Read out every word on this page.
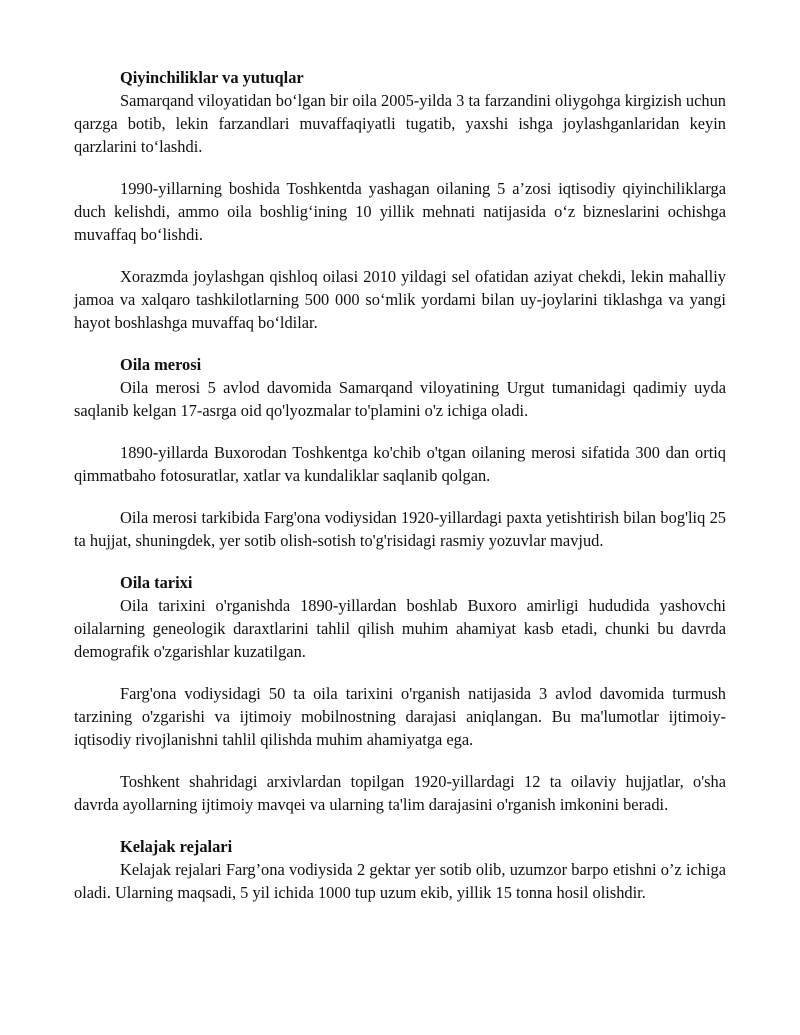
Qiyinchiliklar va yutuqlar

Samarqand viloyatidan boʻlgan bir oila 2005-yilda 3 ta farzandini oliygohga kirgizish uchun qarzga botib, lekin farzandlari muvaffaqiyatli tugatib, yaxshi ishga joylashganlaridan keyin qarzlarini toʻlashdi.

1990-yillarning boshida Toshkentda yashagan oilaning 5 a’zosi iqtisodiy qiyinchiliklarga duch kelishdi, ammo oila boshligʻining 10 yillik mehnati natijasida oʻz bizneslarini ochishga muvaffaq boʻlishdi.

Xorazmda joylashgan qishloq oilasi 2010 yildagi sel ofatidan aziyat chekdi, lekin mahalliy jamoa va xalqaro tashkilotlarning 500 000 soʻmlik yordami bilan uy-joylarini tiklashga va yangi hayot boshlashga muvaffaq boʻldilar.

Oila merosi

Oila merosi 5 avlod davomida Samarqand viloyatining Urgut tumanidagi qadimiy uyda saqlanib kelgan 17-asrga oid qo'lyozmalar to'plamini o'z ichiga oladi.

1890-yillarda Buxorodan Toshkentga ko'chib o'tgan oilaning merosi sifatida 300 dan ortiq qimmatbaho fotosuratlar, xatlar va kundaliklar saqlanib qolgan.

Oila merosi tarkibida Farg'ona vodiysidan 1920-yillardagi paxta yetishtirish bilan bog'liq 25 ta hujjat, shuningdek, yer sotib olish-sotish to'g'risidagi rasmiy yozuvlar mavjud.

Oila tarixi

Oila tarixini o'rganishda 1890-yillardan boshlab Buxoro amirligi hududida yashovchi oilalarning geneologik daraxtlarini tahlil qilish muhim ahamiyat kasb etadi, chunki bu davrda demografik o'zgarishlar kuzatilgan.

Farg'ona vodiysidagi 50 ta oila tarixini o'rganish natijasida 3 avlod davomida turmush tarzining o'zgarishi va ijtimoiy mobilnostning darajasi aniqlangan. Bu ma'lumotlar ijtimoiy-iqtisodiy rivojlanishni tahlil qilishda muhim ahamiyatga ega.

Toshkent shahridagi arxivlardan topilgan 1920-yillardagi 12 ta oilaviy hujjatlar, o'sha davrda ayollarning ijtimoiy mavqei va ularning ta'lim darajasini o'rganish imkonini beradi.

Kelajak rejalari

Kelajak rejalari Farg’ona vodiysida 2 gektar yer sotib olib, uzumzor barpo etishni o’z ichiga oladi. Ularning maqsadi, 5 yil ichida 1000 tup uzum ekib, yillik 15 tonna hosil olishdir.
